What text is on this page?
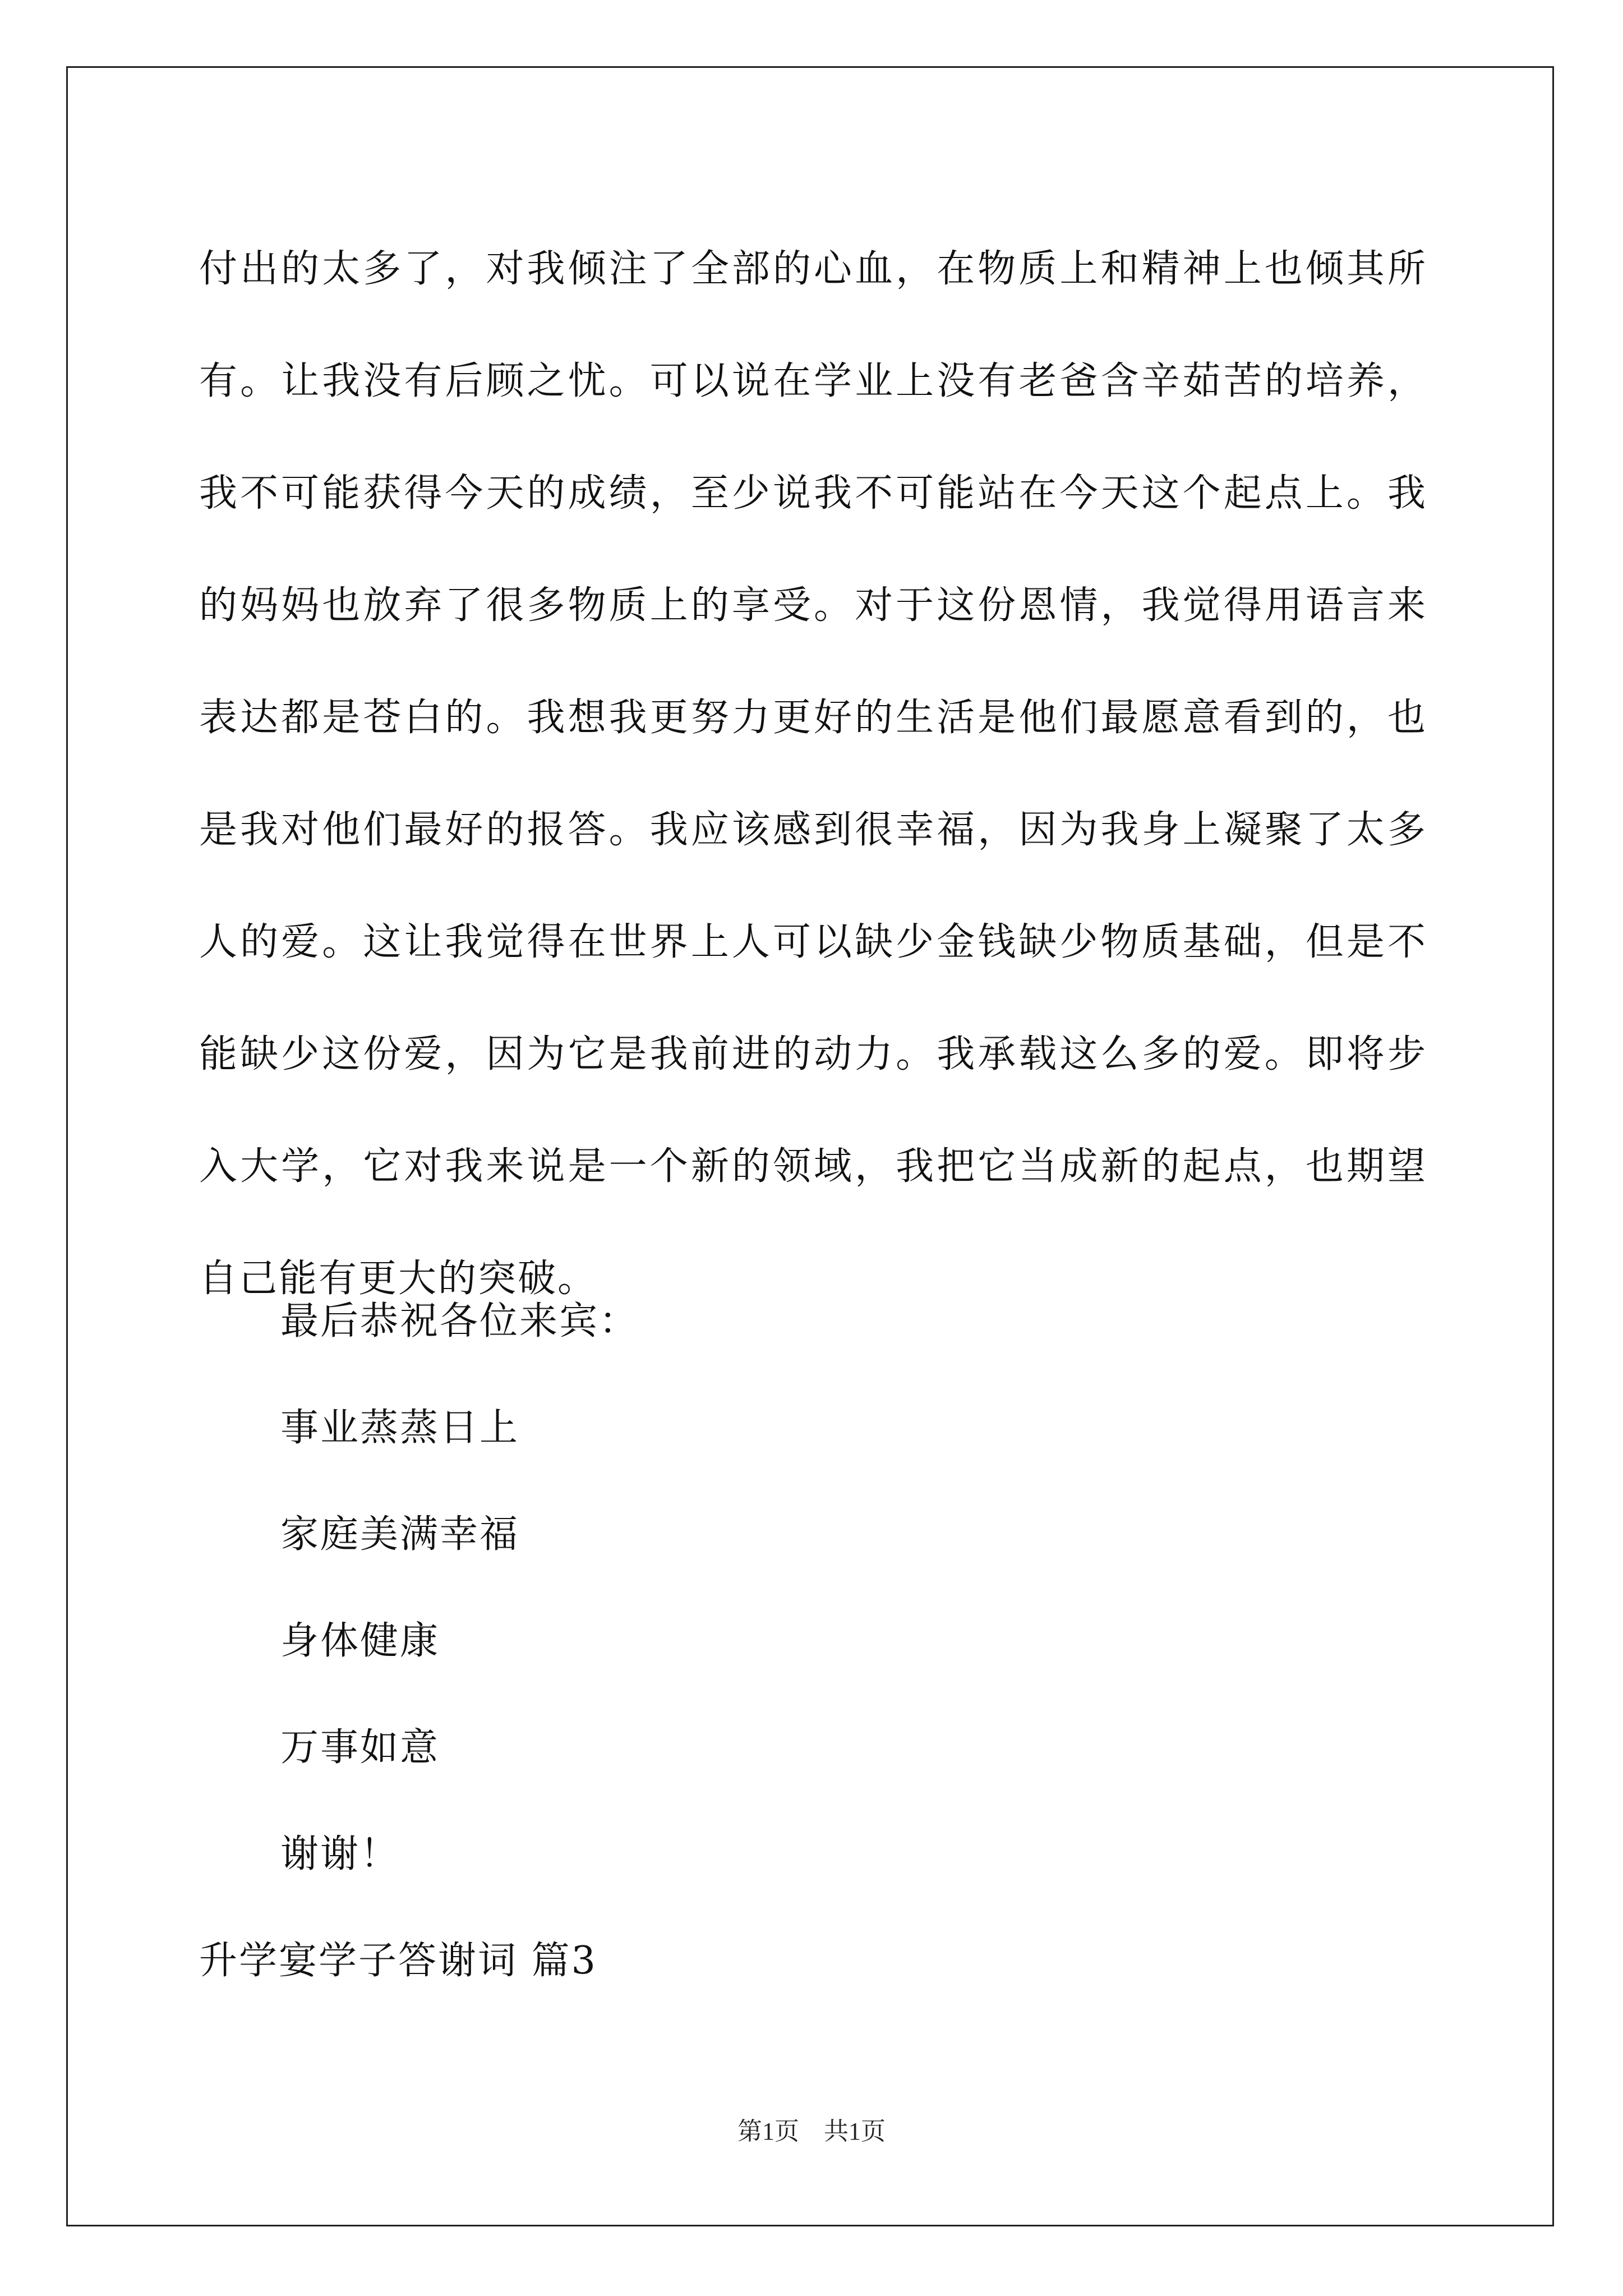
付出的太多了，对我倾注了全部的心血，在物质上和精神上也倾其所有。让我没有后顾之忧。可以说在学业上没有老爸含辛茹苦的培养，我不可能获得今天的成绩，至少说我不可能站在今天这个起点上。我的妈妈也放弃了很多物质上的享受。对于这份恩情，我觉得用语言来表达都是苍白的。我想我更努力更好的生活是他们最愿意看到的，也是我对他们最好的报答。我应该感到很幸福，因为我身上凝聚了太多人的爱。这让我觉得在世界上人可以缺少金钱缺少物质基础，但是不能缺少这份爱，因为它是我前进的动力。我承载这么多的爱。即将步入大学，它对我来说是一个新的领域，我把它当成新的起点，也期望自己能有更大的突破。

最后恭祝各位来宾：

事业蒸蒸日上

家庭美满幸福

身体健康

万事如意

谢谢！

升学宴学子答谢词 篇3

第1页　共1页
